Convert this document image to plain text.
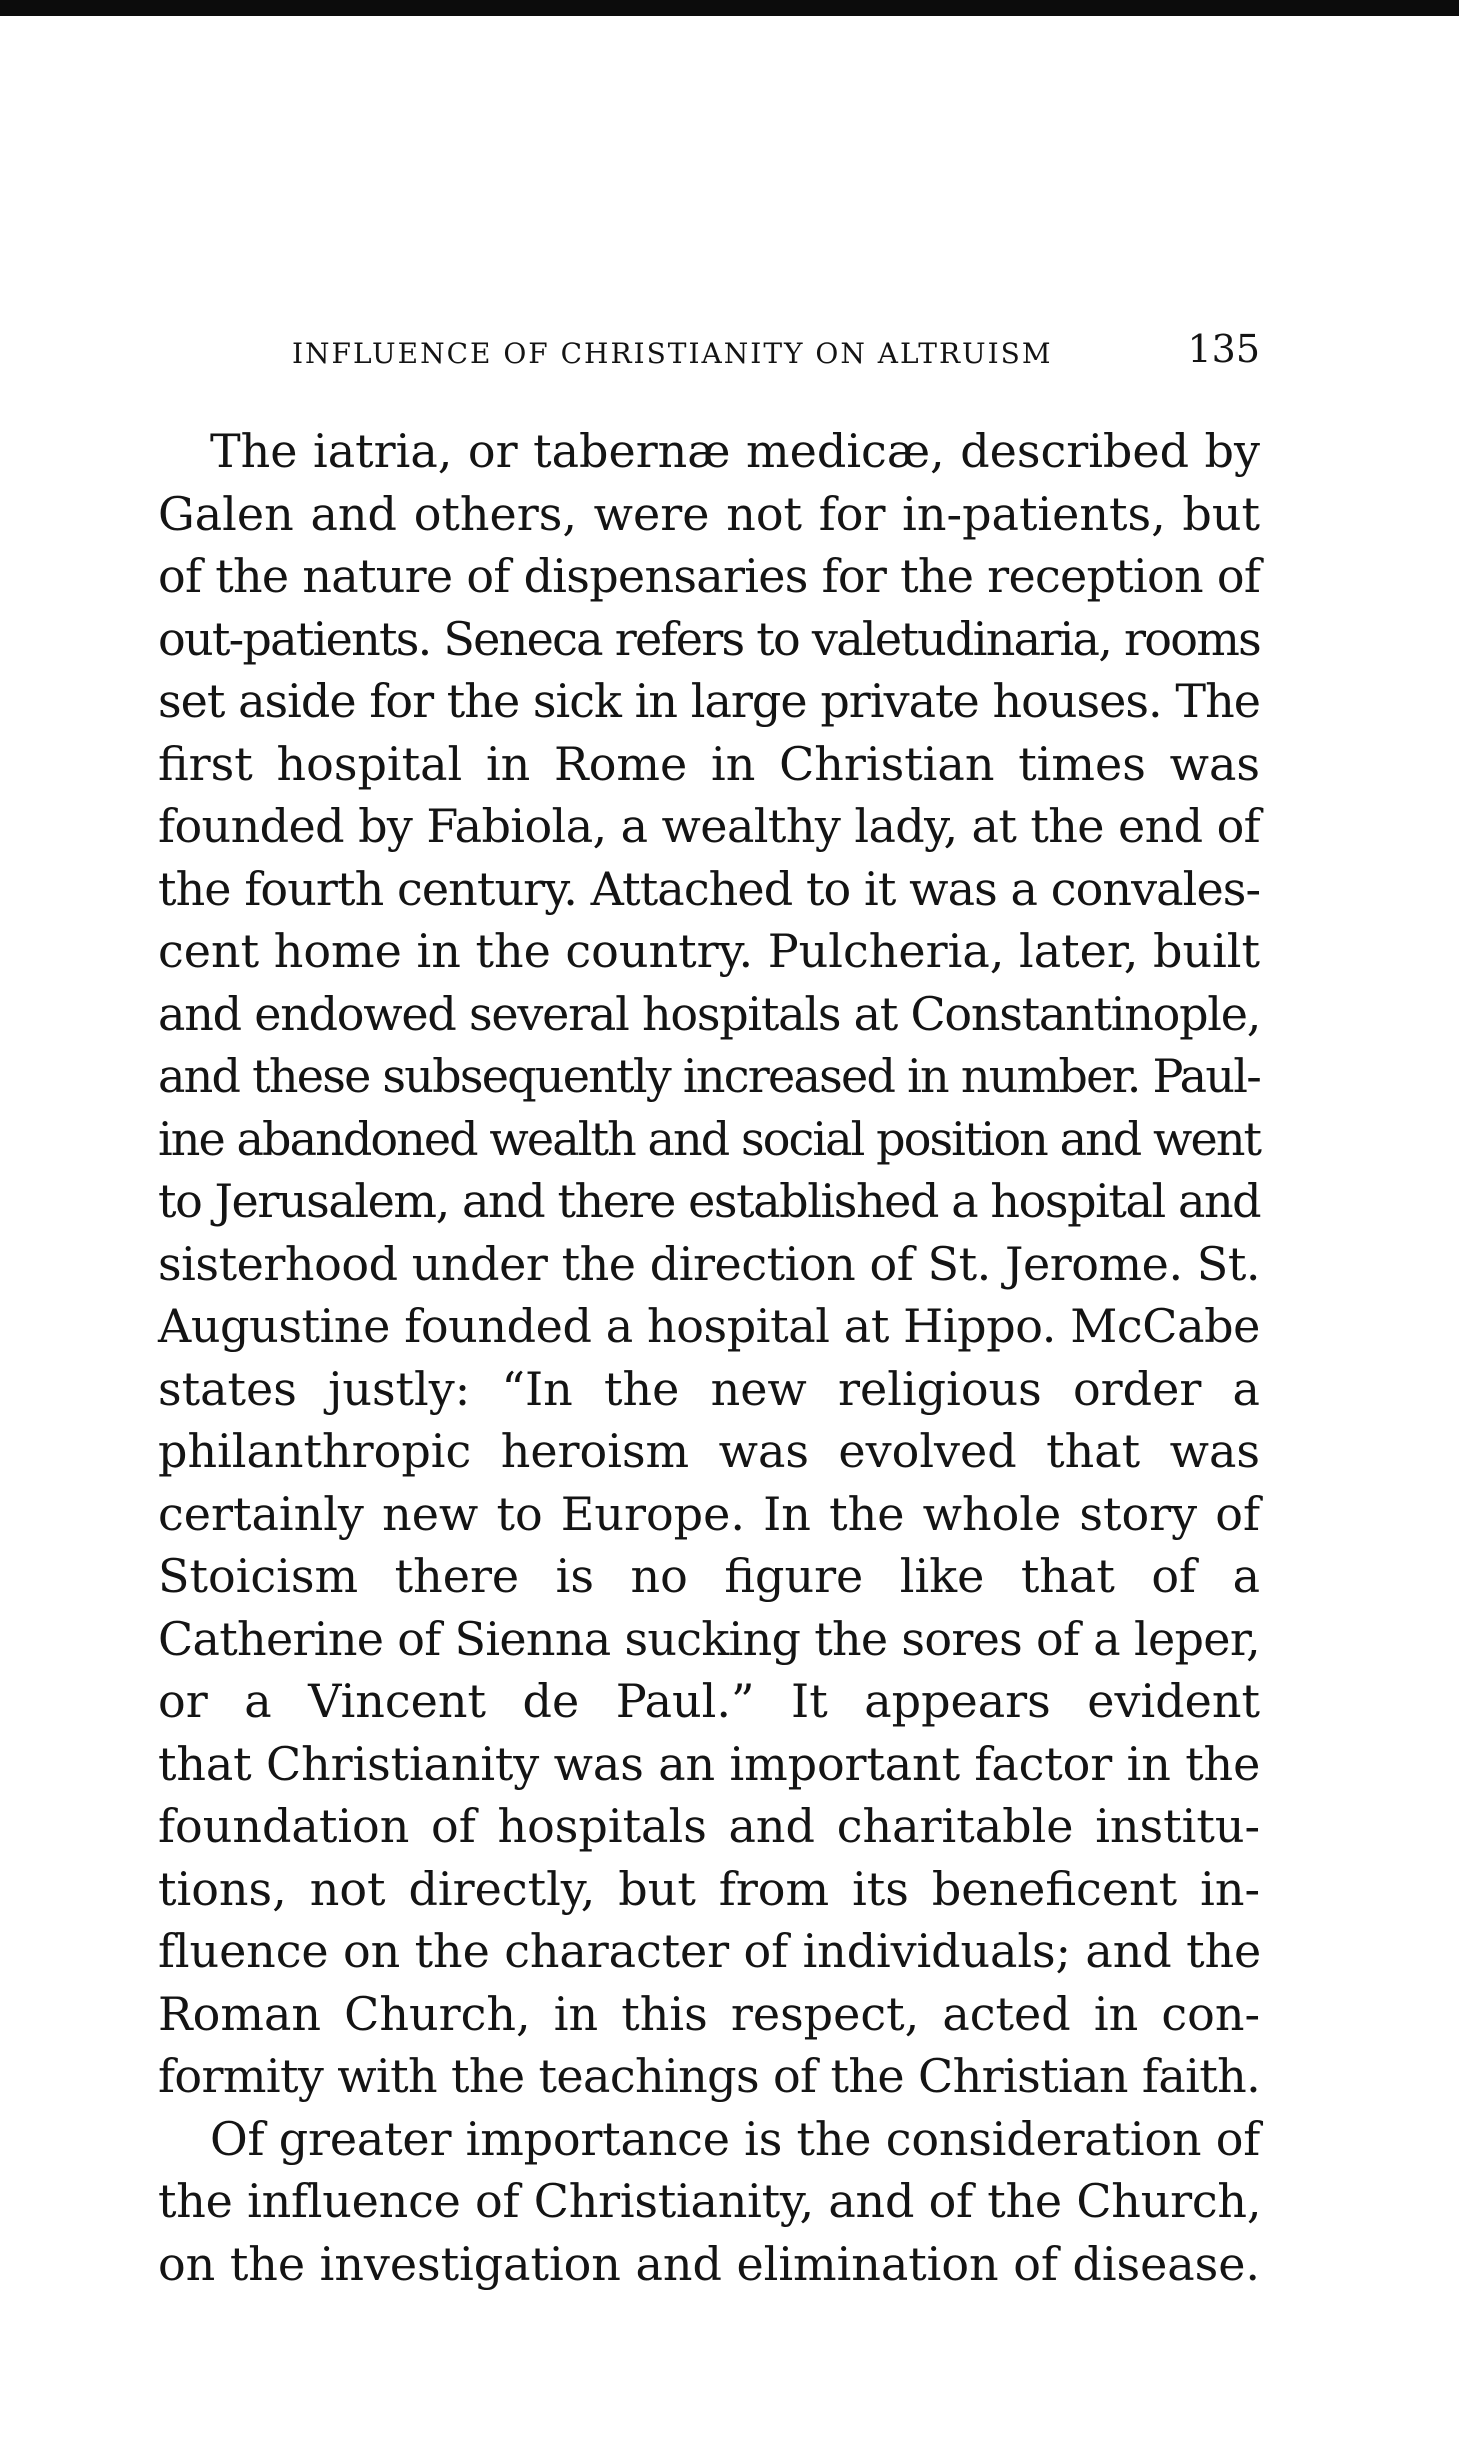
INFLUENCE OF CHRISTIANITY ON ALTRUISM	135
The iatria, or tabernæ medicæ, described by
Galen and others, were not for in-patients, but
of the nature of dispensaries for the reception of
out-patients. Seneca refers to valetudinaria, rooms
set aside for the sick in large private houses. The
first hospital in Rome in Christian times was
founded by Fabiola, a wealthy lady, at the end of
the fourth century. Attached to it was a convales-
cent home in the country. Pulcheria, later, built
and endowed several hospitals at Constantinople,
and these subsequently increased in number. Paul-
ine abandoned wealth and social position and went
to Jerusalem, and there established a hospital and
sisterhood under the direction of St. Jerome. St.
Augustine founded a hospital at Hippo. McCabe
states justly: “In the new religious order a
philanthropic heroism was evolved that was
certainly new to Europe. In the whole story of
Stoicism there is no figure like that of a
Catherine of Sienna sucking the sores of a leper,
or a Vincent de Paul.” It appears evident
that Christianity was an important factor in the
foundation of hospitals and charitable institu-
tions, not directly, but from its beneficent in-
fluence on the character of individuals; and the
Roman Church, in this respect, acted in con-
formity with the teachings of the Christian faith.
Of greater importance is the consideration of
the influence of Christianity, and of the Church,
on the investigation and elimination of disease.
